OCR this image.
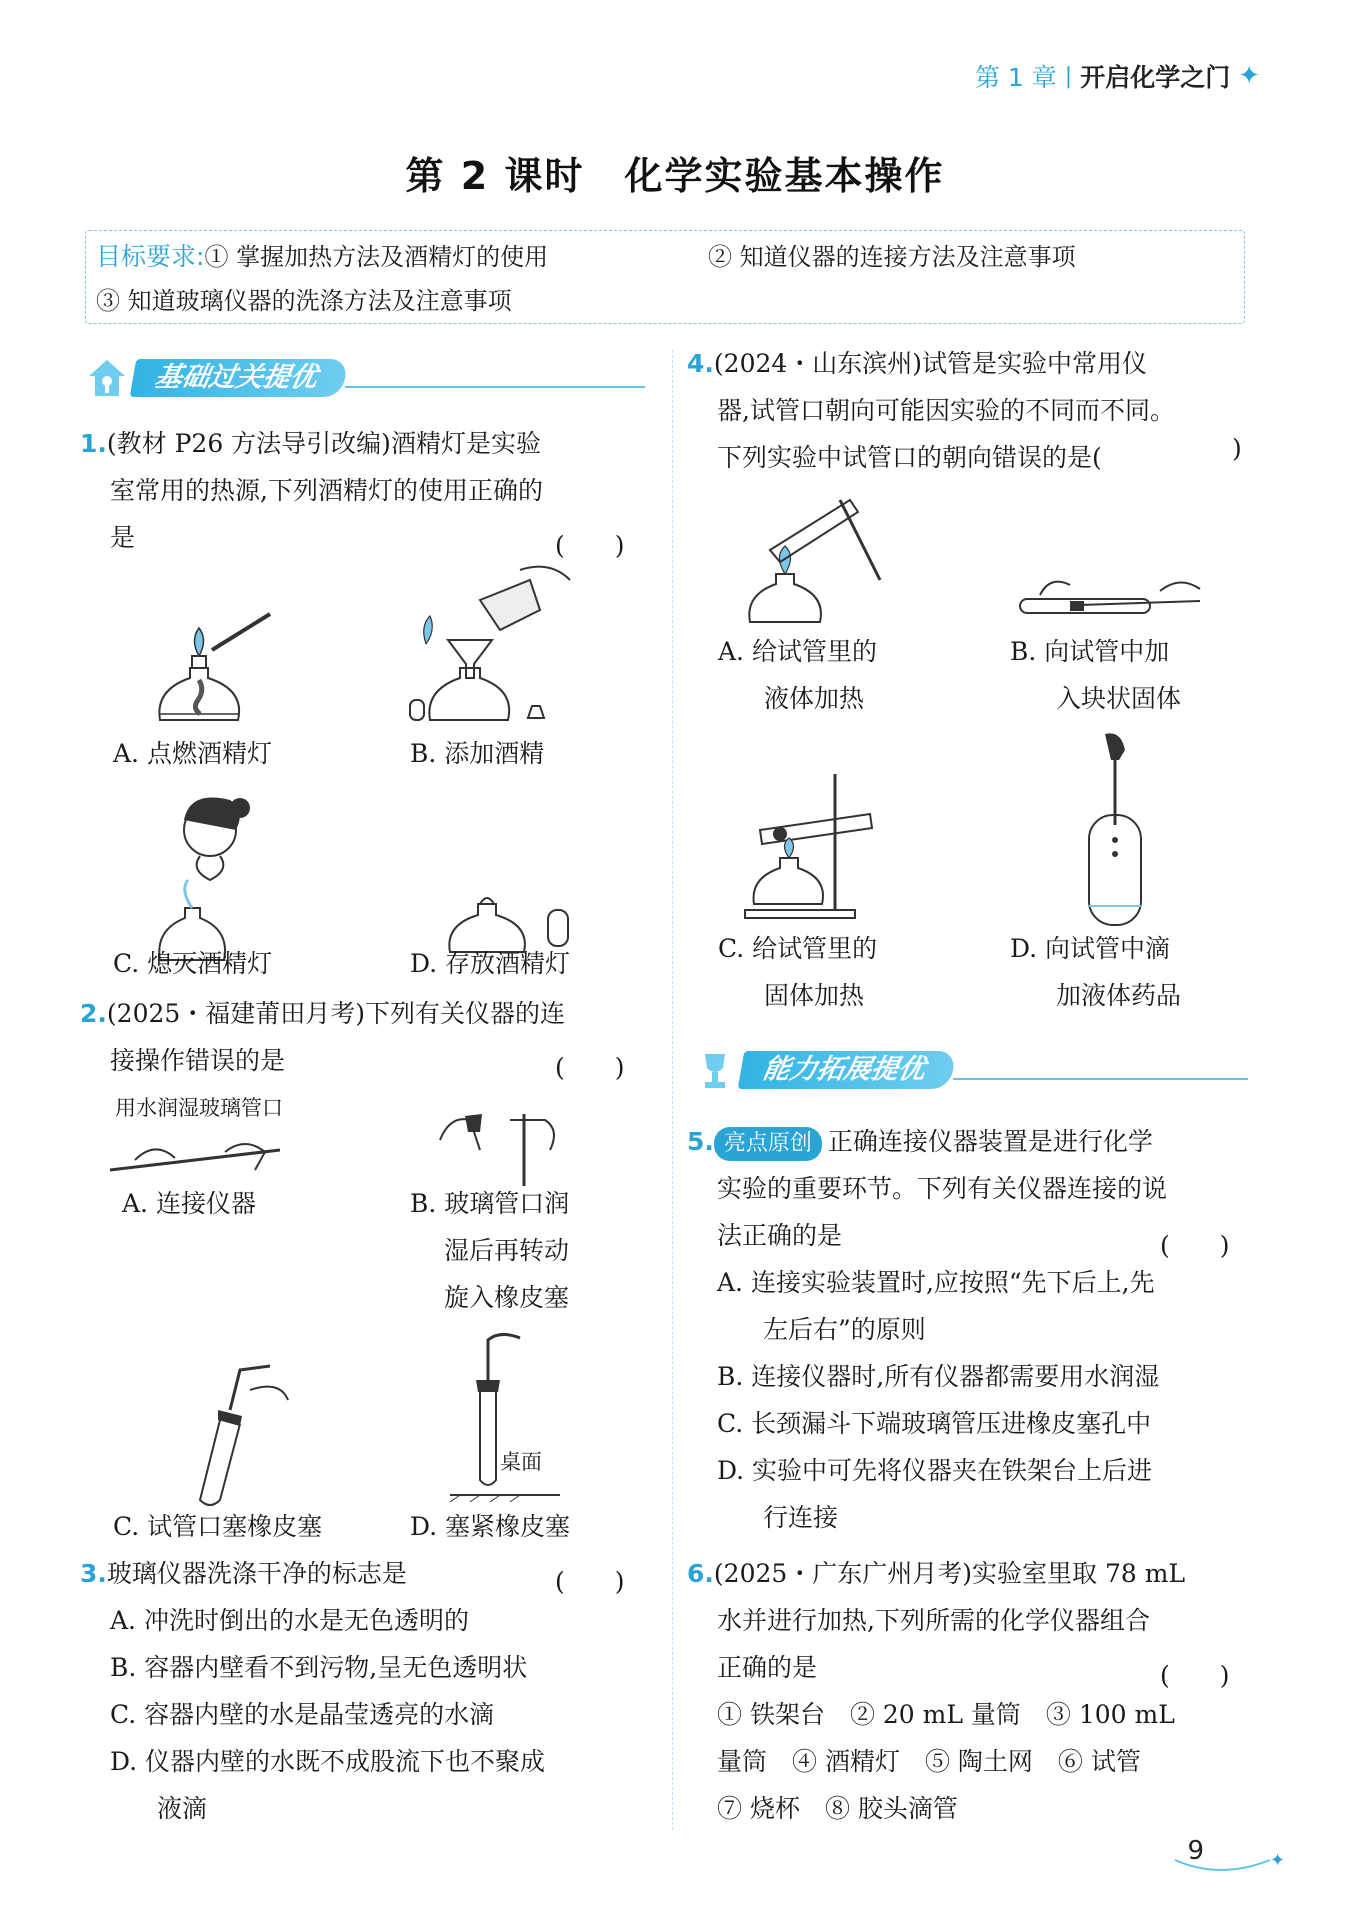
第 1 章 | 开启化学之门 ✦
第 2 课时　化学实验基本操作
目标要求: ① 掌握加热方法及酒精灯的使用	② 知道仪器的连接方法及注意事项
③ 知道玻璃仪器的洗涤方法及注意事项
基础过关提优
1.(教材 P26 方法导引改编)酒精灯是实验
室常用的热源,下列酒精灯的使用正确的
是	(　　)
A. 点燃酒精灯	B. 添加酒精
C. 熄灭酒精灯	D. 存放酒精灯
2.(2025・福建莆田月考)下列有关仪器的连
接操作错误的是	(　　)
用水润湿玻璃管口
A. 连接仪器	B. 玻璃管口润
湿后再转动
旋入橡皮塞
桌面
C. 试管口塞橡皮塞	D. 塞紧橡皮塞
3.玻璃仪器洗涤干净的标志是
A. 冲洗时倒出的水是无色透明的
B. 容器内壁看不到污物,呈无色透明状
C. 容器内壁的水是晶莹透亮的水滴
D. 仪器内壁的水既不成股流下也不聚成
液滴
(　　)
4.(2024・山东滨州)试管是实验中常用仪
器,试管口朝向可能因实验的不同而不同。
下列实验中试管口的朝向错误的是(	)
A. 给试管里的
液体加热
B. 向试管中加
入块状固体
C. 给试管里的
固体加热
D. 向试管中滴
加液体药品
能力拓展提优
5. 亮点原创 正确连接仪器装置是进行化学
实验的重要环节。下列有关仪器连接的说
法正确的是
A. 连接实验装置时,应按照“先下后上,先
左后右”的原则
B. 连接仪器时,所有仪器都需要用水润湿
C. 长颈漏斗下端玻璃管压进橡皮塞孔中
D. 实验中可先将仪器夹在铁架台上后进
行连接
(　　)
6.(2025・广东广州月考)实验室里取 78 mL
水并进行加热,下列所需的化学仪器组合
正确的是
① 铁架台　② 20 mL 量筒　③ 100 mL
量筒　④ 酒精灯　⑤ 陶土网　⑥ 试管
⑦ 烧杯　⑧ 胶头滴管
(　　)
✦
9
